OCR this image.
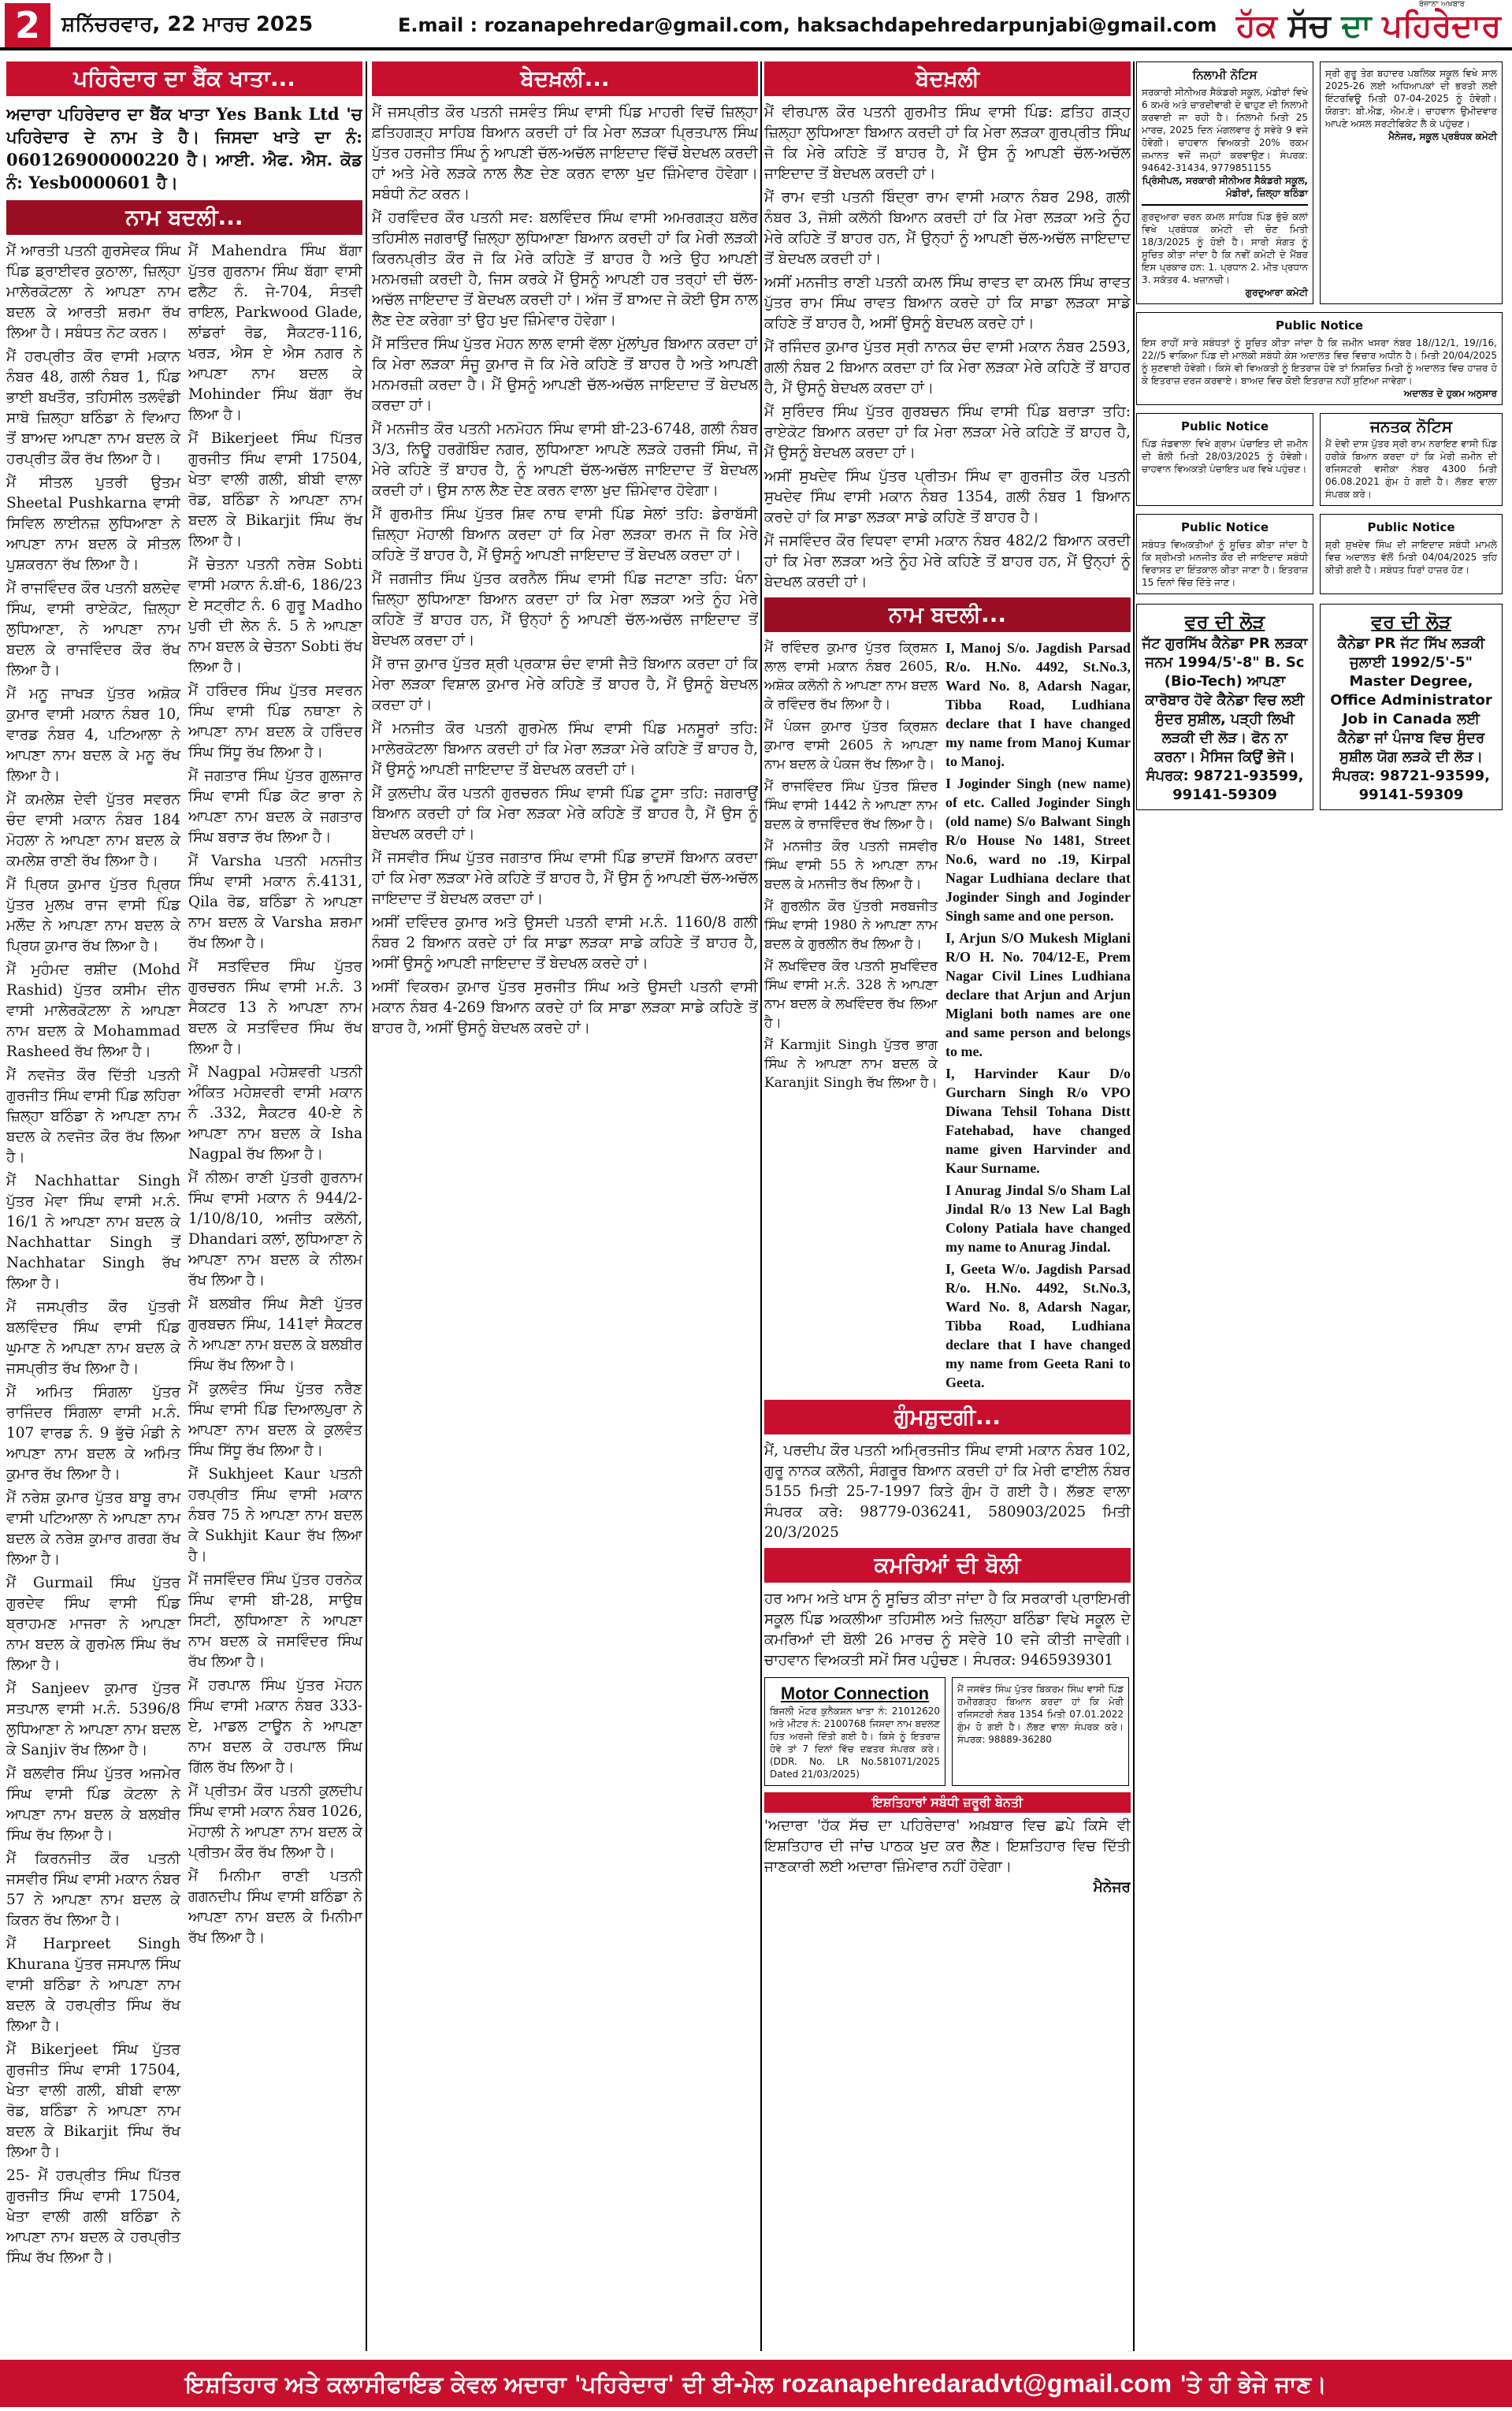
2	ਸ਼ਨਿੱਚਰਵਾਰ, 22 ਮਾਰਚ 2025	E.mail : rozanapehredar@gmail.com, haksachdapehredarpunjabi@gmail.com
ਰੋਜ਼ਾਨਾ ਅਖ਼ਬਾਰ
ਹੱਕ ਸੱਚ ਦਾ ਪਹਿਰੇਦਾਰ
ਪਹਿਰੇਦਾਰ ਦਾ ਬੈਂਕ ਖਾਤਾ...
ਅਦਾਰਾ ਪਹਿਰੇਦਾਰ ਦਾ ਬੈਂਕ ਖਾਤਾ Yes Bank Ltd 'ਚ ਪਹਿਰੇਦਾਰ ਦੇ ਨਾਮ ਤੇ ਹੈ। ਜਿਸਦਾ ਖਾਤੇ ਦਾ ਨੰ: 060126900000220 ਹੈ। ਆਈ. ਐਫ. ਐਸ. ਕੋਡ ਨੰ: Yesb0000601 ਹੈ।
ਨਾਮ ਬਦਲੀ...

ਮੈਂ ਆਰਤੀ ਪਤਨੀ ਗੁਰਸੇਵਕ ਸਿੰਘ ਪਿੰਡ ਡ੍ਰਾਈਵਰ ਕੁਠਾਲਾ, ਜ਼ਿਲ੍ਹਾ ਮਾਲੇਰਕੋਟਲਾ ਨੇ ਆਪਣਾ ਨਾਮ ਬਦਲ ਕੇ ਆਰਤੀ ਸ਼ਰਮਾ ਰੱਖ ਲਿਆ ਹੈ। ਸਬੰਧਤ ਨੋਟ ਕਰਨ।

ਮੈਂ ਹਰਪ੍ਰੀਤ ਕੌਰ ਵਾਸੀ ਮਕਾਨ ਨੰਬਰ 48, ਗਲੀ ਨੰਬਰ 1, ਪਿੰਡ ਭਾਈ ਬਖਤੌਰ, ਤਹਿਸੀਲ ਤਲਵੰਡੀ ਸਾਬੋ ਜ਼ਿਲ੍ਹਾ ਬਠਿੰਡਾ ਨੇ ਵਿਆਹ ਤੋਂ ਬਾਅਦ ਆਪਣਾ ਨਾਮ ਬਦਲ ਕੇ ਹਰਪ੍ਰੀਤ ਕੌਰ ਰੱਖ ਲਿਆ ਹੈ।

ਮੈਂ ਸੀਤਲ ਪੁਤਰੀ ਉਤਮ Sheetal Pushkarna ਵਾਸੀ ਸਿਵਿਲ ਲਾਈਨਜ਼ ਲੁਧਿਆਣਾ ਨੇ ਆਪਣਾ ਨਾਮ ਬਦਲ ਕੇ ਸੀਤਲ ਪੁਸ਼ਕਰਨਾ ਰੱਖ ਲਿਆ ਹੈ।

ਮੈਂ ਰਾਜਵਿੰਦਰ ਕੌਰ ਪਤਨੀ ਬਲਦੇਵ ਸਿੰਘ, ਵਾਸੀ ਰਾਏਕੋਟ, ਜ਼ਿਲ੍ਹਾ ਲੁਧਿਆਣਾ, ਨੇ ਆਪਣਾ ਨਾਮ ਬਦਲ ਕੇ ਰਾਜਵਿੰਦਰ ਕੌਰ ਰੱਖ ਲਿਆ ਹੈ।

ਮੈਂ ਮਨੂ ਜਾਖੜ ਪੁੱਤਰ ਅਸ਼ੋਕ ਕੁਮਾਰ ਵਾਸੀ ਮਕਾਨ ਨੰਬਰ 10, ਵਾਰਡ ਨੰਬਰ 4, ਪਟਿਆਲਾ ਨੇ ਆਪਣਾ ਨਾਮ ਬਦਲ ਕੇ ਮਨੂ ਰੱਖ ਲਿਆ ਹੈ।

ਮੈਂ ਕਮਲੇਸ਼ ਦੇਵੀ ਪੁੱਤਰ ਸਵਰਨ ਚੰਦ ਵਾਸੀ ਮਕਾਨ ਨੰਬਰ 184 ਮੋਹਲਾ ਨੇ ਆਪਣਾ ਨਾਮ ਬਦਲ ਕੇ ਕਮਲੇਸ਼ ਰਾਣੀ ਰੱਖ ਲਿਆ ਹੈ।

ਮੈਂ ਪ੍ਰਿਯ ਕੁਮਾਰ ਪੁੱਤਰ ਪ੍ਰਿਯ ਪੁੱਤਰ ਮੁਲਖ ਰਾਜ ਵਾਸੀ ਪਿੰਡ ਮਲੌਦ ਨੇ ਆਪਣਾ ਨਾਮ ਬਦਲ ਕੇ ਪ੍ਰਿਯ ਕੁਮਾਰ ਰੱਖ ਲਿਆ ਹੈ।

ਮੈਂ ਮੁਹੰਮਦ ਰਸ਼ੀਦ (Mohd Rashid) ਪੁੱਤਰ ਕਸੀਮ ਦੀਨ ਵਾਸੀ ਮਾਲੇਰਕੋਟਲਾ ਨੇ ਆਪਣਾ ਨਾਮ ਬਦਲ ਕੇ Mohammad Rasheed ਰੱਖ ਲਿਆ ਹੈ।

ਮੈਂ ਨਵਜੋਤ ਕੌਰ ਦਿੱਤੀ ਪਤਨੀ ਗੁਰਜੀਤ ਸਿੰਘ ਵਾਸੀ ਪਿੰਡ ਲਹਿਰਾ ਜ਼ਿਲ੍ਹਾ ਬਠਿੰਡਾ ਨੇ ਆਪਣਾ ਨਾਮ ਬਦਲ ਕੇ ਨਵਜੋਤ ਕੌਰ ਰੱਖ ਲਿਆ ਹੈ।

ਮੈਂ Nachhattar Singh ਪੁੱਤਰ ਮੇਵਾ ਸਿੰਘ ਵਾਸੀ ਮ.ਨੰ. 16/1 ਨੇ ਆਪਣਾ ਨਾਮ ਬਦਲ ਕੇ Nachhattar Singh ਤੋਂ Nachhatar Singh ਰੱਖ ਲਿਆ ਹੈ।

ਮੈਂ ਜਸਪ੍ਰੀਤ ਕੌਰ ਪੁੱਤਰੀ ਬਲਵਿੰਦਰ ਸਿੰਘ ਵਾਸੀ ਪਿੰਡ ਘੁਮਾਣ ਨੇ ਆਪਣਾ ਨਾਮ ਬਦਲ ਕੇ ਜਸਪ੍ਰੀਤ ਰੱਖ ਲਿਆ ਹੈ।

ਮੈਂ ਅਮਿਤ ਸਿੰਗਲਾ ਪੁੱਤਰ ਰਾਜਿੰਦਰ ਸਿੰਗਲਾ ਵਾਸੀ ਮ.ਨੰ. 107 ਵਾਰਡ ਨੰ. 9 ਭੁੱਚੋ ਮੰਡੀ ਨੇ ਆਪਣਾ ਨਾਮ ਬਦਲ ਕੇ ਅਮਿਤ ਕੁਮਾਰ ਰੱਖ ਲਿਆ ਹੈ।

ਮੈਂ ਨਰੇਸ਼ ਕੁਮਾਰ ਪੁੱਤਰ ਬਾਬੂ ਰਾਮ ਵਾਸੀ ਪਟਿਆਲਾ ਨੇ ਆਪਣਾ ਨਾਮ ਬਦਲ ਕੇ ਨਰੇਸ਼ ਕੁਮਾਰ ਗਰਗ ਰੱਖ ਲਿਆ ਹੈ।

ਮੈਂ Gurmail ਸਿੰਘ ਪੁੱਤਰ ਗੁਰਦੇਵ ਸਿੰਘ ਵਾਸੀ ਪਿੰਡ ਬ੍ਰਾਹਮਣ ਮਾਜਰਾ ਨੇ ਆਪਣਾ ਨਾਮ ਬਦਲ ਕੇ ਗੁਰਮੇਲ ਸਿੰਘ ਰੱਖ ਲਿਆ ਹੈ।

ਮੈਂ Sanjeev ਕੁਮਾਰ ਪੁੱਤਰ ਸਤਪਾਲ ਵਾਸੀ ਮ.ਨੰ. 5396/8 ਲੁਧਿਆਣਾ ਨੇ ਆਪਣਾ ਨਾਮ ਬਦਲ ਕੇ Sanjiv ਰੱਖ ਲਿਆ ਹੈ।

ਮੈਂ ਬਲਵੀਰ ਸਿੰਘ ਪੁੱਤਰ ਅਜਮੇਰ ਸਿੰਘ ਵਾਸੀ ਪਿੰਡ ਕੋਟਲਾ ਨੇ ਆਪਣਾ ਨਾਮ ਬਦਲ ਕੇ ਬਲਬੀਰ ਸਿੰਘ ਰੱਖ ਲਿਆ ਹੈ।

ਮੈਂ ਕਿਰਨਜੀਤ ਕੌਰ ਪਤਨੀ ਜਸਵੀਰ ਸਿੰਘ ਵਾਸੀ ਮਕਾਨ ਨੰਬਰ 57 ਨੇ ਆਪਣਾ ਨਾਮ ਬਦਲ ਕੇ ਕਿਰਨ ਰੱਖ ਲਿਆ ਹੈ।

ਮੈਂ Harpreet Singh Khurana ਪੁੱਤਰ ਜਸਪਾਲ ਸਿੰਘ ਵਾਸੀ ਬਠਿੰਡਾ ਨੇ ਆਪਣਾ ਨਾਮ ਬਦਲ ਕੇ ਹਰਪ੍ਰੀਤ ਸਿੰਘ ਰੱਖ ਲਿਆ ਹੈ।

ਮੈਂ Bikerjeet ਸਿੰਘ ਪੁੱਤਰ ਗੁਰਜੀਤ ਸਿੰਘ ਵਾਸੀ 17504, ਖੇਤਾ ਵਾਲੀ ਗਲੀ, ਬੀਬੀ ਵਾਲਾ ਰੋਡ, ਬਠਿੰਡਾ ਨੇ ਆਪਣਾ ਨਾਮ ਬਦਲ ਕੇ Bikarjit ਸਿੰਘ ਰੱਖ ਲਿਆ ਹੈ।

25- ਮੈਂ ਹਰਪ੍ਰੀਤ ਸਿੰਘ ਪਿੱਤਰ ਗੁਰਜੀਤ ਸਿੰਘ ਵਾਸੀ 17504, ਖੇਤਾ ਵਾਲੀ ਗਲੀ ਬਠਿੰਡਾ ਨੇ ਆਪਣਾ ਨਾਮ ਬਦਲ ਕੇ ਹਰਪ੍ਰੀਤ ਸਿੰਘ ਰੱਖ ਲਿਆ ਹੈ।

ਮੈਂ Mahendra ਸਿੰਘ ਬੱਗਾ ਪੁੱਤਰ ਗੁਰਨਾਮ ਸਿੰਘ ਬੱਗਾ ਵਾਸੀ ਫਲੈਟ ਨੰ. ਜੇ-704, ਸੰਤਵੀ ਰਾਇਲ, Parkwood Glade, ਲਾਂਡਰਾਂ ਰੋਡ, ਸੈਕਟਰ-116, ਖਰੜ, ਐਸ ਏ ਐਸ ਨਗਰ ਨੇ ਆਪਣਾ ਨਾਮ ਬਦਲ ਕੇ Mohinder ਸਿੰਘ ਬੱਗਾ ਰੱਖ ਲਿਆ ਹੈ।

ਮੈਂ Bikerjeet ਸਿੰਘ ਪਿੱਤਰ ਗੁਰਜੀਤ ਸਿੰਘ ਵਾਸੀ 17504, ਖੇਤਾ ਵਾਲੀ ਗਲੀ, ਬੀਬੀ ਵਾਲਾ ਰੋਡ, ਬਠਿੰਡਾ ਨੇ ਆਪਣਾ ਨਾਮ ਬਦਲ ਕੇ Bikarjit ਸਿੰਘ ਰੱਖ ਲਿਆ ਹੈ।

ਮੈਂ ਚੇਤਨਾ ਪਤਨੀ ਨਰੇਸ਼ Sobti ਵਾਸੀ ਮਕਾਨ ਨੰ.ਬੀ-6, 186/23 ਏ ਸਟ੍ਰੀਟ ਨੰ. 6 ਗੁਰੂ Madho ਪੁਰੀ ਦੀ ਲੇਨ ਨੰ. 5 ਨੇ ਆਪਣਾ ਨਾਮ ਬਦਲ ਕੇ ਚੇਤਨਾ Sobti ਰੱਖ ਲਿਆ ਹੈ।

ਮੈਂ ਹਰਿੰਦਰ ਸਿੰਘ ਪੁੱਤਰ ਸਵਰਨ ਸਿੰਘ ਵਾਸੀ ਪਿੰਡ ਨਥਾਣਾ ਨੇ ਆਪਣਾ ਨਾਮ ਬਦਲ ਕੇ ਹਰਿੰਦਰ ਸਿੰਘ ਸਿੱਧੂ ਰੱਖ ਲਿਆ ਹੈ।

ਮੈਂ ਜਗਤਾਰ ਸਿੰਘ ਪੁੱਤਰ ਗੁਲਜਾਰ ਸਿੰਘ ਵਾਸੀ ਪਿੰਡ ਕੋਟ ਭਾਰਾ ਨੇ ਆਪਣਾ ਨਾਮ ਬਦਲ ਕੇ ਜਗਤਾਰ ਸਿੰਘ ਬਰਾੜ ਰੱਖ ਲਿਆ ਹੈ।

ਮੈਂ Varsha ਪਤਨੀ ਮਨਜੀਤ ਸਿੰਘ ਵਾਸੀ ਮਕਾਨ ਨੰ.4131, Qila ਰੋਡ, ਬਠਿੰਡਾ ਨੇ ਆਪਣਾ ਨਾਮ ਬਦਲ ਕੇ Varsha ਸ਼ਰਮਾ ਰੱਖ ਲਿਆ ਹੈ।

ਮੈਂ ਸਤਵਿੰਦਰ ਸਿੰਘ ਪੁੱਤਰ ਗੁਰਚਰਨ ਸਿੰਘ ਵਾਸੀ ਮ.ਨੰ. 3 ਸੈਕਟਰ 13 ਨੇ ਆਪਣਾ ਨਾਮ ਬਦਲ ਕੇ ਸਤਵਿੰਦਰ ਸਿੰਘ ਰੱਖ ਲਿਆ ਹੈ।

ਮੈਂ Nagpal ਮਹੇਸ਼ਵਰੀ ਪਤਨੀ ਅੰਕਿਤ ਮਹੇਸ਼ਵਰੀ ਵਾਸੀ ਮਕਾਨ ਨੰ .332, ਸੈਕਟਰ 40-ਏ ਨੇ ਆਪਣਾ ਨਾਮ ਬਦਲ ਕੇ Isha Nagpal ਰੱਖ ਲਿਆ ਹੈ।

ਮੈਂ ਨੀਲਮ ਰਾਣੀ ਪੁੱਤਰੀ ਗੁਰਨਾਮ ਸਿੰਘ ਵਾਸੀ ਮਕਾਨ ਨੰ 944/2-1/10/8/10, ਅਜੀਤ ਕਲੋਨੀ, Dhandari ਕਲਾਂ, ਲੁਧਿਆਣਾ ਨੇ ਆਪਣਾ ਨਾਮ ਬਦਲ ਕੇ ਨੀਲਮ ਰੱਖ ਲਿਆ ਹੈ।

ਮੈਂ ਬਲਬੀਰ ਸਿੰਘ ਸੈਣੀ ਪੁੱਤਰ ਗੁਰਬਚਨ ਸਿੰਘ, 141ਵਾਂ ਸੈਕਟਰ ਨੇ ਆਪਣਾ ਨਾਮ ਬਦਲ ਕੇ ਬਲਬੀਰ ਸਿੰਘ ਰੱਖ ਲਿਆ ਹੈ।

ਮੈਂ ਕੁਲਵੰਤ ਸਿੰਘ ਪੁੱਤਰ ਨਰੈਣ ਸਿੰਘ ਵਾਸੀ ਪਿੰਡ ਦਿਆਲਪੁਰਾ ਨੇ ਆਪਣਾ ਨਾਮ ਬਦਲ ਕੇ ਕੁਲਵੰਤ ਸਿੰਘ ਸਿੱਧੂ ਰੱਖ ਲਿਆ ਹੈ।

ਮੈਂ Sukhjeet Kaur ਪਤਨੀ ਹਰਪ੍ਰੀਤ ਸਿੰਘ ਵਾਸੀ ਮਕਾਨ ਨੰਬਰ 75 ਨੇ ਆਪਣਾ ਨਾਮ ਬਦਲ ਕੇ Sukhjit Kaur ਰੱਖ ਲਿਆ ਹੈ।

ਮੈਂ ਜਸਵਿੰਦਰ ਸਿੰਘ ਪੁੱਤਰ ਹਰਨੇਕ ਸਿੰਘ ਵਾਸੀ ਬੀ-28, ਸਾਉਥ ਸਿਟੀ, ਲੁਧਿਆਣਾ ਨੇ ਆਪਣਾ ਨਾਮ ਬਦਲ ਕੇ ਜਸਵਿੰਦਰ ਸਿੰਘ ਰੱਖ ਲਿਆ ਹੈ।

ਮੈਂ ਹਰਪਾਲ ਸਿੰਘ ਪੁੱਤਰ ਮੋਹਨ ਸਿੰਘ ਵਾਸੀ ਮਕਾਨ ਨੰਬਰ 333-ਏ, ਮਾਡਲ ਟਾਊਨ ਨੇ ਆਪਣਾ ਨਾਮ ਬਦਲ ਕੇ ਹਰਪਾਲ ਸਿੰਘ ਗਿੱਲ ਰੱਖ ਲਿਆ ਹੈ।

ਮੈਂ ਪ੍ਰੀਤਮ ਕੌਰ ਪਤਨੀ ਕੁਲਦੀਪ ਸਿੰਘ ਵਾਸੀ ਮਕਾਨ ਨੰਬਰ 1026, ਮੋਹਾਲੀ ਨੇ ਆਪਣਾ ਨਾਮ ਬਦਲ ਕੇ ਪ੍ਰੀਤਮ ਕੌਰ ਰੱਖ ਲਿਆ ਹੈ।

ਮੈਂ ਮਿਨੀਮਾ ਰਾਣੀ ਪਤਨੀ ਗਗਨਦੀਪ ਸਿੰਘ ਵਾਸੀ ਬਠਿੰਡਾ ਨੇ ਆਪਣਾ ਨਾਮ ਬਦਲ ਕੇ ਮਿਨੀਮਾ ਰੱਖ ਲਿਆ ਹੈ।

ਬੇਦਖ਼ਲੀ...

ਮੈਂ ਜਸਪ੍ਰੀਤ ਕੌਰ ਪਤਨੀ ਜਸਵੰਤ ਸਿੰਘ ਵਾਸੀ ਪਿੰਡ ਮਾਹਰੀ ਵਿਚੋਂ ਜ਼ਿਲ੍ਹਾ ਫ਼ਤਿਹਗੜ੍ਹ ਸਾਹਿਬ ਬਿਆਨ ਕਰਦੀ ਹਾਂ ਕਿ ਮੇਰਾ ਲੜਕਾ ਪ੍ਰਿਤਪਾਲ ਸਿੰਘ ਪੁੱਤਰ ਹਰਜੀਤ ਸਿੰਘ ਨੂੰ ਆਪਣੀ ਚੱਲ-ਅਚੱਲ ਜਾਇਦਾਦ ਵਿੱਚੋਂ ਬੇਦਖਲ ਕਰਦੀ ਹਾਂ ਅਤੇ ਮੇਰੇ ਲੜਕੇ ਨਾਲ ਲੈਣ ਦੇਣ ਕਰਨ ਵਾਲਾ ਖੁਦ ਜ਼ਿੰਮੇਵਾਰ ਹੋਵੇਗਾ। ਸਬੰਧੀ ਨੋਟ ਕਰਨ।

ਮੈਂ ਹਰਵਿੰਦਰ ਕੌਰ ਪਤਨੀ ਸਵ: ਬਲਵਿੰਦਰ ਸਿੰਘ ਵਾਸੀ ਅਮਰਗੜ੍ਹ ਬਲੋਰ ਤਹਿਸੀਲ ਜਗਰਾਉਂ ਜ਼ਿਲ੍ਹਾ ਲੁਧਿਆਣਾ ਬਿਆਨ ਕਰਦੀ ਹਾਂ ਕਿ ਮੇਰੀ ਲੜਕੀ ਕਿਰਨਪ੍ਰੀਤ ਕੌਰ ਜੋ ਕਿ ਮੇਰੇ ਕਹਿਣੇ ਤੋਂ ਬਾਹਰ ਹੈ ਅਤੇ ਉਹ ਆਪਣੀ ਮਨਮਰਜ਼ੀ ਕਰਦੀ ਹੈ, ਜਿਸ ਕਰਕੇ ਮੈਂ ਉਸਨੂੰ ਆਪਣੀ ਹਰ ਤਰ੍ਹਾਂ ਦੀ ਚੱਲ-ਅਚੱਲ ਜਾਇਦਾਦ ਤੋਂ ਬੇਦਖਲ ਕਰਦੀ ਹਾਂ। ਅੱਜ ਤੋਂ ਬਾਅਦ ਜੇ ਕੋਈ ਉਸ ਨਾਲ ਲੈਣ ਦੇਣ ਕਰੇਗਾ ਤਾਂ ਉਹ ਖੁਦ ਜ਼ਿੰਮੇਵਾਰ ਹੋਵੇਗਾ।

ਮੈਂ ਸਤਿੰਦਰ ਸਿੰਘ ਪੁੱਤਰ ਮੋਹਨ ਲਾਲ ਵਾਸੀ ਵੱਲਾ ਮੁੱਲਾਂਪੁਰ ਬਿਆਨ ਕਰਦਾ ਹਾਂ ਕਿ ਮੇਰਾ ਲੜਕਾ ਸੰਜੂ ਕੁਮਾਰ ਜੋ ਕਿ ਮੇਰੇ ਕਹਿਣੇ ਤੋਂ ਬਾਹਰ ਹੈ ਅਤੇ ਆਪਣੀ ਮਨਮਰਜ਼ੀ ਕਰਦਾ ਹੈ। ਮੈਂ ਉਸਨੂੰ ਆਪਣੀ ਚੱਲ-ਅਚੱਲ ਜਾਇਦਾਦ ਤੋਂ ਬੇਦਖਲ ਕਰਦਾ ਹਾਂ।

ਮੈਂ ਮਨਜੀਤ ਕੌਰ ਪਤਨੀ ਮਨਮੋਹਨ ਸਿੰਘ ਵਾਸੀ ਬੀ-23-6748, ਗਲੀ ਨੰਬਰ 3/3, ਨਿਊ ਹਰਗੋਬਿੰਦ ਨਗਰ, ਲੁਧਿਆਣਾ ਆਪਣੇ ਲੜਕੇ ਹਰਜੀ ਸਿੰਘ, ਜੋ ਮੇਰੇ ਕਹਿਣੇ ਤੋਂ ਬਾਹਰ ਹੈ, ਨੂੰ ਆਪਣੀ ਚੱਲ-ਅਚੱਲ ਜਾਇਦਾਦ ਤੋਂ ਬੇਦਖਲ ਕਰਦੀ ਹਾਂ। ਉਸ ਨਾਲ ਲੈਣ ਦੇਣ ਕਰਨ ਵਾਲਾ ਖੁਦ ਜ਼ਿੰਮੇਵਾਰ ਹੋਵੇਗਾ।

ਮੈਂ ਗੁਰਮੀਤ ਸਿੰਘ ਪੁੱਤਰ ਸ਼ਿਵ ਨਾਥ ਵਾਸੀ ਪਿੰਡ ਸੇਲਾਂ ਤਹਿ: ਡੇਰਾਬੱਸੀ ਜ਼ਿਲ੍ਹਾ ਮੋਹਾਲੀ ਬਿਆਨ ਕਰਦਾ ਹਾਂ ਕਿ ਮੇਰਾ ਲੜਕਾ ਰਮਨ ਜੋ ਕਿ ਮੇਰੇ ਕਹਿਣੇ ਤੋਂ ਬਾਹਰ ਹੈ, ਮੈਂ ਉਸਨੂੰ ਆਪਣੀ ਜਾਇਦਾਦ ਤੋਂ ਬੇਦਖਲ ਕਰਦਾ ਹਾਂ।

ਮੈਂ ਜਗਜੀਤ ਸਿੰਘ ਪੁੱਤਰ ਕਰਨੈਲ ਸਿੰਘ ਵਾਸੀ ਪਿੰਡ ਜਟਾਣਾ ਤਹਿ: ਖੰਨਾ ਜ਼ਿਲ੍ਹਾ ਲੁਧਿਆਣਾ ਬਿਆਨ ਕਰਦਾ ਹਾਂ ਕਿ ਮੇਰਾ ਲੜਕਾ ਅਤੇ ਨੂੰਹ ਮੇਰੇ ਕਹਿਣੇ ਤੋਂ ਬਾਹਰ ਹਨ, ਮੈਂ ਉਨ੍ਹਾਂ ਨੂੰ ਆਪਣੀ ਚੱਲ-ਅਚੱਲ ਜਾਇਦਾਦ ਤੋਂ ਬੇਦਖਲ ਕਰਦਾ ਹਾਂ।

ਮੈਂ ਰਾਜ ਕੁਮਾਰ ਪੁੱਤਰ ਸ਼੍ਰੀ ਪ੍ਰਕਾਸ਼ ਚੰਦ ਵਾਸੀ ਜੈਤੋ ਬਿਆਨ ਕਰਦਾ ਹਾਂ ਕਿ ਮੇਰਾ ਲੜਕਾ ਵਿਸ਼ਾਲ ਕੁਮਾਰ ਮੇਰੇ ਕਹਿਣੇ ਤੋਂ ਬਾਹਰ ਹੈ, ਮੈਂ ਉਸਨੂੰ ਬੇਦਖਲ ਕਰਦਾ ਹਾਂ।

ਮੈਂ ਮਨਜੀਤ ਕੌਰ ਪਤਨੀ ਗੁਰਮੇਲ ਸਿੰਘ ਵਾਸੀ ਪਿੰਡ ਮਨਸੂਰਾਂ ਤਹਿ: ਮਾਲੇਰਕੋਟਲਾ ਬਿਆਨ ਕਰਦੀ ਹਾਂ ਕਿ ਮੇਰਾ ਲੜਕਾ ਮੇਰੇ ਕਹਿਣੇ ਤੋਂ ਬਾਹਰ ਹੈ, ਮੈਂ ਉਸਨੂੰ ਆਪਣੀ ਜਾਇਦਾਦ ਤੋਂ ਬੇਦਖਲ ਕਰਦੀ ਹਾਂ।

ਮੈਂ ਕੁਲਦੀਪ ਕੌਰ ਪਤਨੀ ਗੁਰਚਰਨ ਸਿੰਘ ਵਾਸੀ ਪਿੰਡ ਟੂਸਾ ਤਹਿ: ਜਗਰਾਉਂ ਬਿਆਨ ਕਰਦੀ ਹਾਂ ਕਿ ਮੇਰਾ ਲੜਕਾ ਮੇਰੇ ਕਹਿਣੇ ਤੋਂ ਬਾਹਰ ਹੈ, ਮੈਂ ਉਸ ਨੂੰ ਬੇਦਖਲ ਕਰਦੀ ਹਾਂ।

ਮੈਂ ਜਸਵੀਰ ਸਿੰਘ ਪੁੱਤਰ ਜਗਤਾਰ ਸਿੰਘ ਵਾਸੀ ਪਿੰਡ ਭਾਦਸੋਂ ਬਿਆਨ ਕਰਦਾ ਹਾਂ ਕਿ ਮੇਰਾ ਲੜਕਾ ਮੇਰੇ ਕਹਿਣੇ ਤੋਂ ਬਾਹਰ ਹੈ, ਮੈਂ ਉਸ ਨੂੰ ਆਪਣੀ ਚੱਲ-ਅਚੱਲ ਜਾਇਦਾਦ ਤੋਂ ਬੇਦਖਲ ਕਰਦਾ ਹਾਂ।

ਅਸੀਂ ਦਵਿੰਦਰ ਕੁਮਾਰ ਅਤੇ ਉਸਦੀ ਪਤਨੀ ਵਾਸੀ ਮ.ਨੰ. 1160/8 ਗਲੀ ਨੰਬਰ 2 ਬਿਆਨ ਕਰਦੇ ਹਾਂ ਕਿ ਸਾਡਾ ਲੜਕਾ ਸਾਡੇ ਕਹਿਣੇ ਤੋਂ ਬਾਹਰ ਹੈ, ਅਸੀਂ ਉਸਨੂੰ ਆਪਣੀ ਜਾਇਦਾਦ ਤੋਂ ਬੇਦਖਲ ਕਰਦੇ ਹਾਂ।

ਅਸੀਂ ਵਿਕਰਮ ਕੁਮਾਰ ਪੁੱਤਰ ਸੁਰਜੀਤ ਸਿੰਘ ਅਤੇ ਉਸਦੀ ਪਤਨੀ ਵਾਸੀ ਮਕਾਨ ਨੰਬਰ 4-269 ਬਿਆਨ ਕਰਦੇ ਹਾਂ ਕਿ ਸਾਡਾ ਲੜਕਾ ਸਾਡੇ ਕਹਿਣੇ ਤੋਂ ਬਾਹਰ ਹੈ, ਅਸੀਂ ਉਸਨੂੰ ਬੇਦਖਲ ਕਰਦੇ ਹਾਂ।

ਬੇਦਖ਼ਲੀ

ਮੈਂ ਵੀਰਪਾਲ ਕੌਰ ਪਤਨੀ ਗੁਰਮੀਤ ਸਿੰਘ ਵਾਸੀ ਪਿੰਡ: ਫ਼ਤਿਹ ਗੜ੍ਹ ਜ਼ਿਲ੍ਹਾ ਲੁਧਿਆਣਾ ਬਿਆਨ ਕਰਦੀ ਹਾਂ ਕਿ ਮੇਰਾ ਲੜਕਾ ਗੁਰਪ੍ਰੀਤ ਸਿੰਘ ਜੋ ਕਿ ਮੇਰੇ ਕਹਿਣੇ ਤੋਂ ਬਾਹਰ ਹੈ, ਮੈਂ ਉਸ ਨੂੰ ਆਪਣੀ ਚੱਲ-ਅਚੱਲ ਜਾਇਦਾਦ ਤੋਂ ਬੇਦਖਲ ਕਰਦੀ ਹਾਂ।

ਮੈਂ ਰਾਮ ਵਤੀ ਪਤਨੀ ਬਿੰਦ੍ਰਾ ਰਾਮ ਵਾਸੀ ਮਕਾਨ ਨੰਬਰ 298, ਗਲੀ ਨੰਬਰ 3, ਜੋਸ਼ੀ ਕਲੋਨੀ ਬਿਆਨ ਕਰਦੀ ਹਾਂ ਕਿ ਮੇਰਾ ਲੜਕਾ ਅਤੇ ਨੂੰਹ ਮੇਰੇ ਕਹਿਣੇ ਤੋਂ ਬਾਹਰ ਹਨ, ਮੈਂ ਉਨ੍ਹਾਂ ਨੂੰ ਆਪਣੀ ਚੱਲ-ਅਚੱਲ ਜਾਇਦਾਦ ਤੋਂ ਬੇਦਖਲ ਕਰਦੀ ਹਾਂ।

ਅਸੀਂ ਮਨਜੀਤ ਰਾਣੀ ਪਤਨੀ ਕਮਲ ਸਿੰਘ ਰਾਵਤ ਵਾ ਕਮਲ ਸਿੰਘ ਰਾਵਤ ਪੁੱਤਰ ਰਾਮ ਸਿੰਘ ਰਾਵਤ ਬਿਆਨ ਕਰਦੇ ਹਾਂ ਕਿ ਸਾਡਾ ਲੜਕਾ ਸਾਡੇ ਕਹਿਣੇ ਤੋਂ ਬਾਹਰ ਹੈ, ਅਸੀਂ ਉਸਨੂੰ ਬੇਦਖਲ ਕਰਦੇ ਹਾਂ।

ਮੈਂ ਰਜਿੰਦਰ ਕੁਮਾਰ ਪੁੱਤਰ ਸ੍ਰੀ ਨਾਨਕ ਚੰਦ ਵਾਸੀ ਮਕਾਨ ਨੰਬਰ 2593, ਗਲੀ ਨੰਬਰ 2 ਬਿਆਨ ਕਰਦਾ ਹਾਂ ਕਿ ਮੇਰਾ ਲੜਕਾ ਮੇਰੇ ਕਹਿਣੇ ਤੋਂ ਬਾਹਰ ਹੈ, ਮੈਂ ਉਸਨੂੰ ਬੇਦਖਲ ਕਰਦਾ ਹਾਂ।

ਮੈਂ ਸੁਰਿੰਦਰ ਸਿੰਘ ਪੁੱਤਰ ਗੁਰਬਚਨ ਸਿੰਘ ਵਾਸੀ ਪਿੰਡ ਬਰਾੜਾ ਤਹਿ: ਰਾਏਕੋਟ ਬਿਆਨ ਕਰਦਾ ਹਾਂ ਕਿ ਮੇਰਾ ਲੜਕਾ ਮੇਰੇ ਕਹਿਣੇ ਤੋਂ ਬਾਹਰ ਹੈ, ਮੈਂ ਉਸਨੂੰ ਬੇਦਖਲ ਕਰਦਾ ਹਾਂ।

ਅਸੀਂ ਸੁਖਦੇਵ ਸਿੰਘ ਪੁੱਤਰ ਪ੍ਰੀਤਮ ਸਿੰਘ ਵਾ ਗੁਰਜੀਤ ਕੌਰ ਪਤਨੀ ਸੁਖਦੇਵ ਸਿੰਘ ਵਾਸੀ ਮਕਾਨ ਨੰਬਰ 1354, ਗਲੀ ਨੰਬਰ 1 ਬਿਆਨ ਕਰਦੇ ਹਾਂ ਕਿ ਸਾਡਾ ਲੜਕਾ ਸਾਡੇ ਕਹਿਣੇ ਤੋਂ ਬਾਹਰ ਹੈ।

ਮੈਂ ਜਸਵਿੰਦਰ ਕੌਰ ਵਿਧਵਾ ਵਾਸੀ ਮਕਾਨ ਨੰਬਰ 482/2 ਬਿਆਨ ਕਰਦੀ ਹਾਂ ਕਿ ਮੇਰਾ ਲੜਕਾ ਅਤੇ ਨੂੰਹ ਮੇਰੇ ਕਹਿਣੇ ਤੋਂ ਬਾਹਰ ਹਨ, ਮੈਂ ਉਨ੍ਹਾਂ ਨੂੰ ਬੇਦਖਲ ਕਰਦੀ ਹਾਂ।

ਨਾਮ ਬਦਲੀ...

ਮੈਂ ਰਵਿੰਦਰ ਕੁਮਾਰ ਪੁੱਤਰ ਕ੍ਰਿਸ਼ਨ ਲਾਲ ਵਾਸੀ ਮਕਾਨ ਨੰਬਰ 2605, ਅਸ਼ੋਕ ਕਲੋਨੀ ਨੇ ਆਪਣਾ ਨਾਮ ਬਦਲ ਕੇ ਰਵਿੰਦਰ ਰੱਖ ਲਿਆ ਹੈ।

ਮੈਂ ਪੰਕਜ ਕੁਮਾਰ ਪੁੱਤਰ ਕ੍ਰਿਸ਼ਨ ਕੁਮਾਰ ਵਾਸੀ 2605 ਨੇ ਆਪਣਾ ਨਾਮ ਬਦਲ ਕੇ ਪੰਕਜ ਰੱਖ ਲਿਆ ਹੈ।

ਮੈਂ ਰਾਜਵਿੰਦਰ ਸਿੰਘ ਪੁੱਤਰ ਸ਼ਿੰਦਰ ਸਿੰਘ ਵਾਸੀ 1442 ਨੇ ਆਪਣਾ ਨਾਮ ਬਦਲ ਕੇ ਰਾਜਵਿੰਦਰ ਰੱਖ ਲਿਆ ਹੈ।

ਮੈਂ ਮਨਜੀਤ ਕੌਰ ਪਤਨੀ ਜਸਵੀਰ ਸਿੰਘ ਵਾਸੀ 55 ਨੇ ਆਪਣਾ ਨਾਮ ਬਦਲ ਕੇ ਮਨਜੀਤ ਰੱਖ ਲਿਆ ਹੈ।

ਮੈਂ ਗੁਰਲੀਨ ਕੌਰ ਪੁੱਤਰੀ ਸਰਬਜੀਤ ਸਿੰਘ ਵਾਸੀ 1980 ਨੇ ਆਪਣਾ ਨਾਮ ਬਦਲ ਕੇ ਗੁਰਲੀਨ ਰੱਖ ਲਿਆ ਹੈ।

ਮੈਂ ਲਖਵਿੰਦਰ ਕੌਰ ਪਤਨੀ ਸੁਖਵਿੰਦਰ ਸਿੰਘ ਵਾਸੀ ਮ.ਨੰ. 328 ਨੇ ਆਪਣਾ ਨਾਮ ਬਦਲ ਕੇ ਲਖਵਿੰਦਰ ਰੱਖ ਲਿਆ ਹੈ।

ਮੈਂ Karmjit Singh ਪੁੱਤਰ ਭਾਗ ਸਿੰਘ ਨੇ ਆਪਣਾ ਨਾਮ ਬਦਲ ਕੇ Karanjit Singh ਰੱਖ ਲਿਆ ਹੈ।

I, Manoj S/o. Jagdish Parsad R/o. H.No. 4492, St.No.3, Ward No. 8, Adarsh Nagar, Tibba Road, Ludhiana declare that I have changed my name from Manoj Kumar to Manoj.

I Joginder Singh (new name) of etc. Called Joginder Singh (old name) S/o Balwant Singh R/o House No 1481, Street No.6, ward no .19, Kirpal Nagar Ludhiana declare that Joginder Singh and Joginder Singh same and one person.

I, Arjun S/O Mukesh Miglani R/O H. No. 704/12-E, Prem Nagar Civil Lines Ludhiana declare that Arjun and Arjun Miglani both names are one and same person and belongs to me.

I, Harvinder Kaur D/o Gurcharn Singh R/o VPO Diwana Tehsil Tohana Distt Fatehabad, have changed name given Harvinder and Kaur Surname.

I Anurag Jindal S/o Sham Lal Jindal R/o 13 New Lal Bagh Colony Patiala have changed my name to Anurag Jindal.

I, Geeta W/o. Jagdish Parsad R/o. H.No. 4492, St.No.3, Ward No. 8, Adarsh Nagar, Tibba Road, Ludhiana declare that I have changed my name from Geeta Rani to Geeta.

ਗੁੰਮਸ਼ੁਦਗੀ...
ਮੈਂ, ਪਰਦੀਪ ਕੌਰ ਪਤਨੀ ਅਮ੍ਰਿਤਜੀਤ ਸਿੰਘ ਵਾਸੀ ਮਕਾਨ ਨੰਬਰ 102, ਗੁਰੂ ਨਾਨਕ ਕਲੋਨੀ, ਸੰਗਰੂਰ ਬਿਆਨ ਕਰਦੀ ਹਾਂ ਕਿ ਮੇਰੀ ਫਾਈਲ ਨੰਬਰ 5155 ਮਿਤੀ 25-7-1997 ਕਿਤੇ ਗੁੰਮ ਹੋ ਗਈ ਹੈ। ਲੱਭਣ ਵਾਲਾ ਸੰਪਰਕ ਕਰੇ: 98779-036241, 580903/2025 ਮਿਤੀ 20/3/2025
ਕਮਰਿਆਂ ਦੀ ਬੋਲੀ
ਹਰ ਆਮ ਅਤੇ ਖਾਸ ਨੂੰ ਸੂਚਿਤ ਕੀਤਾ ਜਾਂਦਾ ਹੈ ਕਿ ਸਰਕਾਰੀ ਪ੍ਰਾਇਮਰੀ ਸਕੂਲ ਪਿੰਡ ਅਕਲੀਆ ਤਹਿਸੀਲ ਅਤੇ ਜ਼ਿਲ੍ਹਾ ਬਠਿੰਡਾ ਵਿਖੇ ਸਕੂਲ ਦੇ ਕਮਰਿਆਂ ਦੀ ਬੋਲੀ 26 ਮਾਰਚ ਨੂੰ ਸਵੇਰੇ 10 ਵਜੇ ਕੀਤੀ ਜਾਵੇਗੀ। ਚਾਹਵਾਨ ਵਿਅਕਤੀ ਸਮੇਂ ਸਿਰ ਪਹੁੰਚਣ। ਸੰਪਰਕ: 9465939301
Motor Connection
ਬਿਜਲੀ ਮੋਟਰ ਕੁਨੈਕਸ਼ਨ ਖਾਤਾ ਨੰ: 21012620 ਅਤੇ ਮੀਟਰ ਨੰ: 2100768 ਜਿਸਦਾ ਨਾਮ ਬਦਲਣ ਹਿਤ ਅਰਜੀ ਦਿੱਤੀ ਗਈ ਹੈ। ਕਿਸੇ ਨੂੰ ਇਤਰਾਜ਼ ਹੋਵੇ ਤਾਂ 7 ਦਿਨਾਂ ਵਿੱਚ ਦਫ਼ਤਰ ਸੰਪਰਕ ਕਰੇ। (DDR. No. LR No.581071/2025 Dated 21/03/2025)
ਮੈਂ ਜਸਵੰਤ ਸਿੰਘ ਪੁੱਤਰ ਬਿਕਰਮ ਸਿੰਘ ਵਾਸੀ ਪਿੰਡ ਹਮੀਰਗੜ੍ਹ ਬਿਆਨ ਕਰਦਾ ਹਾਂ ਕਿ ਮੇਰੀ ਰਜਿਸਟਰੀ ਨੰਬਰ 1354 ਮਿਤੀ 07.01.2022 ਗੁੰਮ ਹੋ ਗਈ ਹੈ। ਲੱਭਣ ਵਾਲਾ ਸੰਪਰਕ ਕਰੇ। ਸੰਪਰਕ: 98889-36280
ਇਸ਼ਤਿਹਾਰਾਂ ਸਬੰਧੀ ਜ਼ਰੂਰੀ ਬੇਨਤੀ
'ਅਦਾਰਾ 'ਹੱਕ ਸੱਚ ਦਾ ਪਹਿਰੇਦਾਰ' ਅਖ਼ਬਾਰ ਵਿਚ ਛਪੇ ਕਿਸੇ ਵੀ ਇਸ਼ਤਿਹਾਰ ਦੀ ਜਾਂਚ ਪਾਠਕ ਖੁਦ ਕਰ ਲੈਣ। ਇਸ਼ਤਿਹਾਰ ਵਿਚ ਦਿੱਤੀ ਜਾਣਕਾਰੀ ਲਈ ਅਦਾਰਾ ਜ਼ਿੰਮੇਵਾਰ ਨਹੀਂ ਹੋਵੇਗਾ।
ਮੈਨੇਜਰ
ਨਿਲਾਮੀ ਨੋਟਿਸ
ਸਰਕਾਰੀ ਸੀਨੀਅਰ ਸੈਕੰਡਰੀ ਸਕੂਲ, ਮੰਡੀਰਾਂ ਵਿਖੇ 6 ਕਮਰੇ ਅਤੇ ਚਾਰਦੀਵਾਰੀ ਦੇ ਢਾਹੁਣ ਦੀ ਨਿਲਾਮੀ ਕਰਵਾਈ ਜਾ ਰਹੀ ਹੈ। ਨਿਲਾਮੀ ਮਿਤੀ 25 ਮਾਰਚ, 2025 ਦਿਨ ਮੰਗਲਵਾਰ ਨੂੰ ਸਵੇਰੇ 9 ਵਜੇ ਹੋਵੇਗੀ। ਚਾਹਵਾਨ ਵਿਅਕਤੀ 20% ਰਕਮ ਜ਼ਮਾਨਤ ਵਜੋਂ ਜਮ੍ਹਾਂ ਕਰਵਾਉਣ। ਸੰਪਰਕ: 94642-31434, 9779851155
ਪ੍ਰਿੰਸੀਪਲ, ਸਰਕਾਰੀ ਸੀਨੀਅਰ ਸੈਕੰਡਰੀ ਸਕੂਲ, ਮੰਡੀਰਾਂ, ਜ਼ਿਲ੍ਹਾ ਬਠਿੰਡਾ
ਗੁਰਦੁਆਰਾ ਚਰਨ ਕਮਲ ਸਾਹਿਬ ਪਿੰਡ ਭੁੱਚੋ ਕਲਾਂ ਵਿਖੇ ਪ੍ਰਬੰਧਕ ਕਮੇਟੀ ਦੀ ਚੋਣ ਮਿਤੀ 18/3/2025 ਨੂੰ ਹੋਈ ਹੈ। ਸਾਰੀ ਸੰਗਤ ਨੂੰ ਸੂਚਿਤ ਕੀਤਾ ਜਾਂਦਾ ਹੈ ਕਿ ਨਵੀਂ ਕਮੇਟੀ ਦੇ ਮੈਂਬਰ ਇਸ ਪ੍ਰਕਾਰ ਹਨ: 1. ਪ੍ਰਧਾਨ 2. ਮੀਤ ਪ੍ਰਧਾਨ 3. ਸਕੱਤਰ 4. ਖਜ਼ਾਨਚੀ।
ਗੁਰਦੁਆਰਾ ਕਮੇਟੀ
ਸ੍ਰੀ ਗੁਰੂ ਤੇਗ ਬਹਾਦਰ ਪਬਲਿਕ ਸਕੂਲ ਵਿਖੇ ਸਾਲ 2025-26 ਲਈ ਅਧਿਆਪਕਾਂ ਦੀ ਭਰਤੀ ਲਈ ਇੰਟਰਵਿਊ ਮਿਤੀ 07-04-2025 ਨੂੰ ਹੋਵੇਗੀ। ਯੋਗਤਾ: ਬੀ.ਐਡ, ਐਮ.ਏ। ਚਾਹਵਾਨ ਉਮੀਦਵਾਰ ਆਪਣੇ ਅਸਲ ਸਰਟੀਫਿਕੇਟ ਲੈ ਕੇ ਪਹੁੰਚਣ।
ਮੈਨੇਜਰ, ਸਕੂਲ ਪ੍ਰਬੰਧਕ ਕਮੇਟੀ
Public Notice
ਇਸ ਰਾਹੀਂ ਸਾਰੇ ਸਬੰਧਤਾਂ ਨੂੰ ਸੂਚਿਤ ਕੀਤਾ ਜਾਂਦਾ ਹੈ ਕਿ ਜ਼ਮੀਨ ਖਸਰਾ ਨੰਬਰ 18//12/1, 19//16, 22//5 ਵਾਕਿਆ ਪਿੰਡ ਦੀ ਮਾਲਕੀ ਸਬੰਧੀ ਕੇਸ ਅਦਾਲਤ ਵਿਚ ਵਿਚਾਰ ਅਧੀਨ ਹੈ। ਮਿਤੀ 20/04/2025 ਨੂੰ ਸੁਣਵਾਈ ਹੋਵੇਗੀ। ਕਿਸੇ ਵੀ ਵਿਅਕਤੀ ਨੂੰ ਇਤਰਾਜ਼ ਹੋਵੇ ਤਾਂ ਨਿਸ਼ਚਿਤ ਮਿਤੀ ਨੂੰ ਅਦਾਲਤ ਵਿਚ ਹਾਜ਼ਰ ਹੋ ਕੇ ਇਤਰਾਜ਼ ਦਰਜ ਕਰਵਾਏ। ਬਾਅਦ ਵਿਚ ਕੋਈ ਇਤਰਾਜ਼ ਨਹੀਂ ਸੁਣਿਆ ਜਾਵੇਗਾ।
ਅਦਾਲਤ ਦੇ ਹੁਕਮ ਅਨੁਸਾਰ
Public Notice
ਪਿੰਡ ਜੰਡਵਾਲਾ ਵਿਖੇ ਗ੍ਰਾਮ ਪੰਚਾਇਤ ਦੀ ਜ਼ਮੀਨ ਦੀ ਬੋਲੀ ਮਿਤੀ 28/03/2025 ਨੂੰ ਹੋਵੇਗੀ। ਚਾਹਵਾਨ ਵਿਅਕਤੀ ਪੰਚਾਇਤ ਘਰ ਵਿਖੇ ਪਹੁੰਚਣ।
ਜਨਤਕ ਨੋਟਿਸ
ਮੈਂ ਦੇਵੀ ਦਾਸ ਪੁੱਤਰ ਸ੍ਰੀ ਰਾਮ ਨਰਾਇਣ ਵਾਸੀ ਪਿੰਡ ਹਰੀਕੇ ਬਿਆਨ ਕਰਦਾ ਹਾਂ ਕਿ ਮੇਰੀ ਜ਼ਮੀਨ ਦੀ ਰਜਿਸਟਰੀ ਵਸੀਕਾ ਨੰਬਰ 4300 ਮਿਤੀ 06.08.2021 ਗੁੰਮ ਹੋ ਗਈ ਹੈ। ਲੱਭਣ ਵਾਲਾ ਸੰਪਰਕ ਕਰੇ।
Public Notice
ਸਬੰਧਤ ਵਿਅਕਤੀਆਂ ਨੂੰ ਸੂਚਿਤ ਕੀਤਾ ਜਾਂਦਾ ਹੈ ਕਿ ਸ਼੍ਰੀਮਤੀ ਮਨਜੀਤ ਕੌਰ ਦੀ ਜਾਇਦਾਦ ਸਬੰਧੀ ਵਿਰਾਸਤ ਦਾ ਇੰਤਕਾਲ ਕੀਤਾ ਜਾਣਾ ਹੈ। ਇਤਰਾਜ਼ 15 ਦਿਨਾਂ ਵਿੱਚ ਦਿੱਤੇ ਜਾਣ।
Public Notice
ਸ਼੍ਰੀ ਸੁਖਦੇਵ ਸਿੰਘ ਦੀ ਜਾਇਦਾਦ ਸਬੰਧੀ ਮਾਮਲੇ ਵਿਚ ਅਦਾਲਤ ਵੱਲੋਂ ਮਿਤੀ 04/04/2025 ਤਹਿ ਕੀਤੀ ਗਈ ਹੈ। ਸਬੰਧਤ ਧਿਰਾਂ ਹਾਜ਼ਰ ਹੋਣ।
ਵਰ ਦੀ ਲੋੜ
ਜੱਟ ਗੁਰਸਿੱਖ ਕੈਨੇਡਾ PR ਲੜਕਾ ਜਨਮ 1994/5'-8" B. Sc (Bio-Tech) ਆਪਣਾ ਕਾਰੋਬਾਰ ਹੋਵੇ ਕੈਨੇਡਾ ਵਿਚ ਲਈ ਸੁੰਦਰ ਸੁਸ਼ੀਲ, ਪੜ੍ਹੀ ਲਿਖੀ ਲੜਕੀ ਦੀ ਲੋੜ। ਫੋਨ ਨਾ ਕਰਨਾ। ਮੈਸਿਜ ਕਿਉਂ ਭੇਜੋ।
ਸੰਪਰਕ: 98721-93599, 99141-59309
ਵਰ ਦੀ ਲੋੜ
ਕੈਨੇਡਾ PR ਜੱਟ ਸਿੱਖ ਲੜਕੀ ਜੁਲਾਈ 1992/5'-5" Master Degree, Office Administrator Job in Canada ਲਈ ਕੈਨੇਡਾ ਜਾਂ ਪੰਜਾਬ ਵਿਚ ਸੁੰਦਰ ਸੁਸ਼ੀਲ ਯੋਗ ਲੜਕੇ ਦੀ ਲੋੜ।
ਸੰਪਰਕ: 98721-93599, 99141-59309
ਇਸ਼ਤਿਹਾਰ ਅਤੇ ਕਲਾਸੀਫਾਇਡ ਕੇਵਲ ਅਦਾਰਾ 'ਪਹਿਰੇਦਾਰ' ਦੀ ਈ-ਮੇਲ rozanapehredaradvt@gmail.com 'ਤੇ ਹੀ ਭੇਜੇ ਜਾਣ।
